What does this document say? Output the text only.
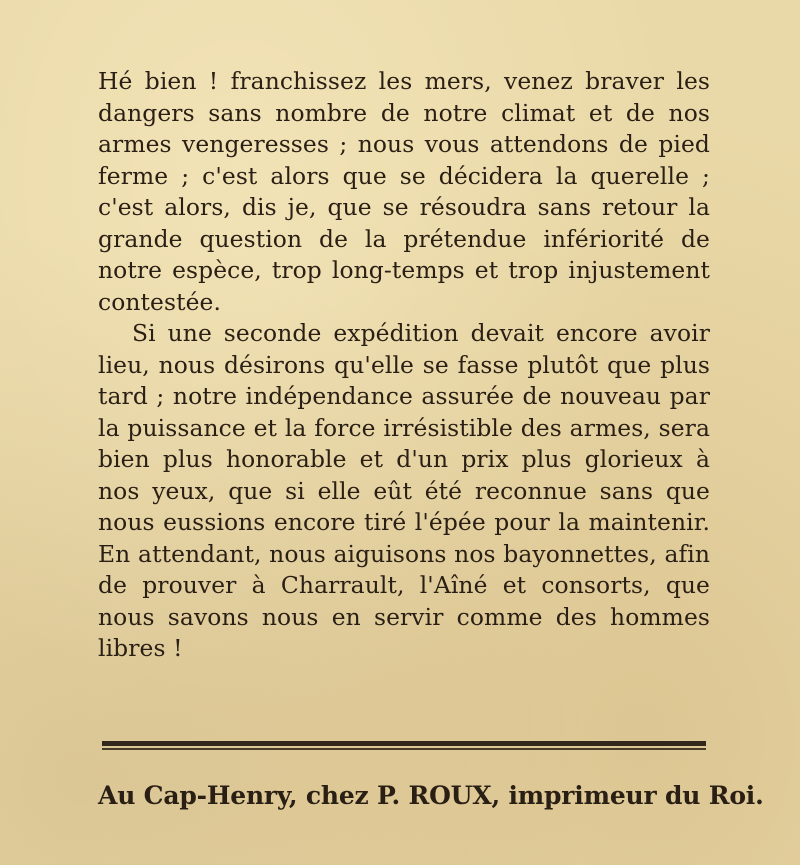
Hé bien ! franchissez les mers, venez braver les dangers sans nombre de notre climat et de nos armes vengeresses ; nous vous attendons de pied ferme ; c'est alors que se décidera la querelle ; c'est alors, dis je, que se résoudra sans retour la grande question de la prétendue infériorité de notre espèce, trop long-temps et trop injustement contestée.

Si une seconde expédition devait encore avoir lieu, nous désirons qu'elle se fasse plutôt que plus tard ; notre indépendance assurée de nouveau par la puissance et la force irrésistible des armes, sera bien plus honorable et d'un prix plus glorieux à nos yeux, que si elle eût été reconnue sans que nous eussions encore tiré l'épée pour la maintenir. En attendant, nous aiguisons nos bayonnettes, afin de prouver à Charrault, l'Aîné et consorts, que nous savons nous en servir comme des hommes libres !

Au Cap-Henry, chez P. ROUX, imprimeur du Roi.
